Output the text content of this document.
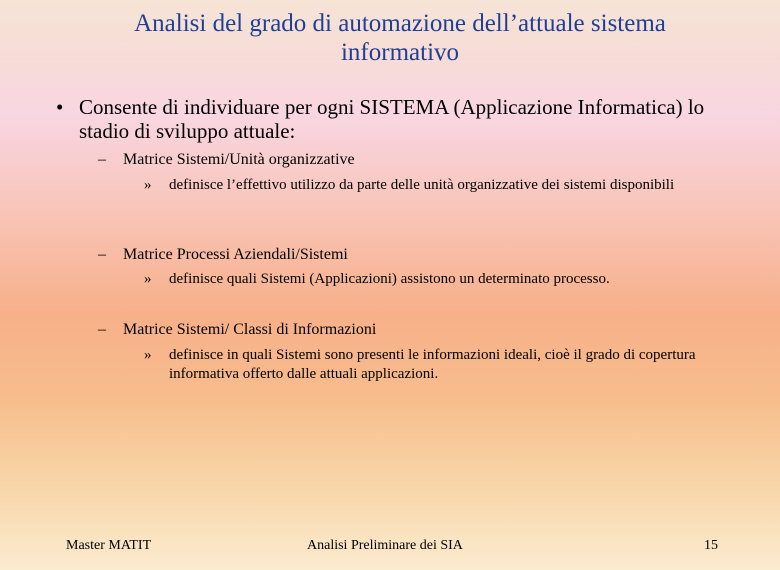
Analisi del grado di automazione dell’attuale sistema
informativo
• Consente di individuare per ogni SISTEMA (Applicazione Informatica) lo stadio di sviluppo attuale:
– Matrice Sistemi/Unità organizzative
» definisce l’effettivo utilizzo da parte delle unità organizzative dei sistemi disponibili
– Matrice Processi Aziendali/Sistemi
» definisce quali Sistemi (Applicazioni) assistono un determinato processo.
– Matrice Sistemi/ Classi di Informazioni
» definisce in quali Sistemi sono presenti le informazioni ideali, cioè il grado di copertura informativa offerto dalle attuali applicazioni.
Master MATIT	Analisi Preliminare dei SIA	15
